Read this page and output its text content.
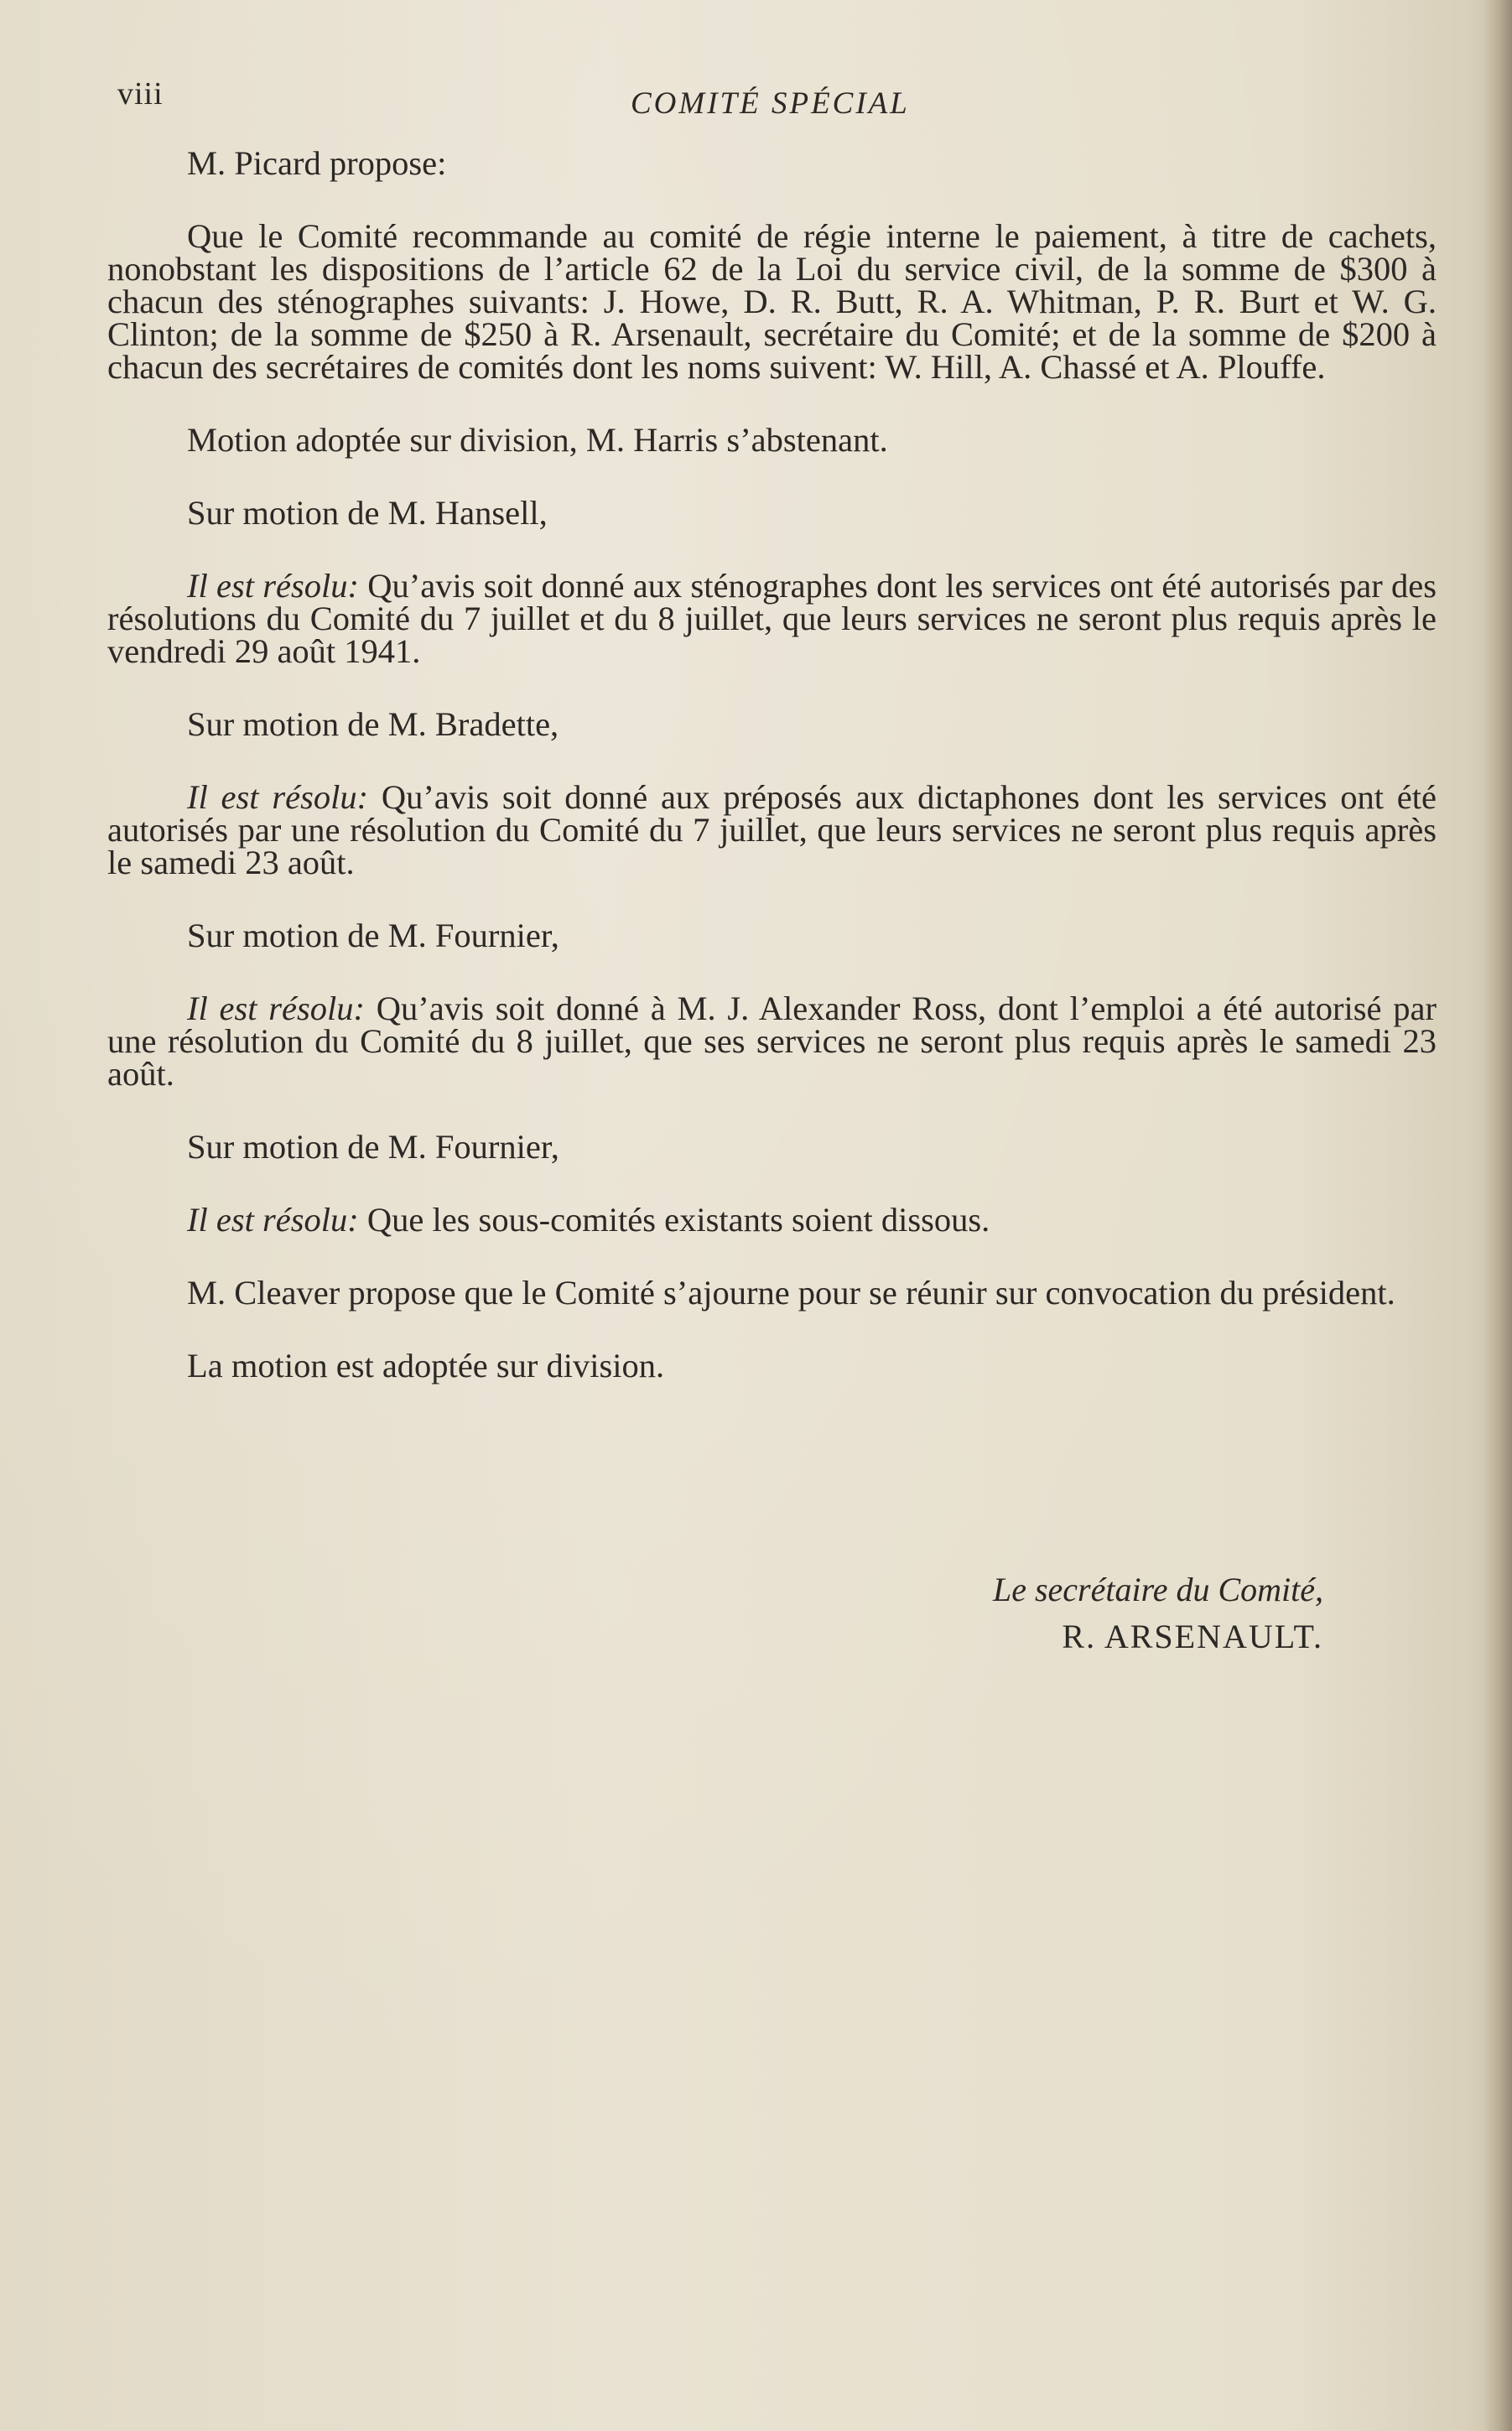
viii	COMITÉ SPÉCIAL

M. Picard propose:

Que le Comité recommande au comité de régie interne le paiement, à titre de cachets, nonobstant les dispositions de l’article 62 de la Loi du service civil, de la somme de $300 à chacun des sténographes suivants: J. Howe, D. R. Butt, R. A. Whitman, P. R. Burt et W. G. Clinton; de la somme de $250 à R. Arsenault, secrétaire du Comité; et de la somme de $200 à chacun des secrétaires de comités dont les noms suivent: W. Hill, A. Chassé et A. Plouffe.

Motion adoptée sur division, M. Harris s’abstenant.

Sur motion de M. Hansell,

Il est résolu: Qu’avis soit donné aux sténographes dont les services ont été autorisés par des résolutions du Comité du 7 juillet et du 8 juillet, que leurs services ne seront plus requis après le vendredi 29 août 1941.

Sur motion de M. Bradette,

Il est résolu: Qu’avis soit donné aux préposés aux dictaphones dont les services ont été autorisés par une résolution du Comité du 7 juillet, que leurs services ne seront plus requis après le samedi 23 août.

Sur motion de M. Fournier,

Il est résolu: Qu’avis soit donné à M. J. Alexander Ross, dont l’emploi a été autorisé par une résolution du Comité du 8 juillet, que ses services ne seront plus requis après le samedi 23 août.

Sur motion de M. Fournier,

Il est résolu: Que les sous-comités existants soient dissous.

M. Cleaver propose que le Comité s’ajourne pour se réunir sur convocation du président.

La motion est adoptée sur division.

Le secrétaire du Comité,
R. ARSENAULT.
